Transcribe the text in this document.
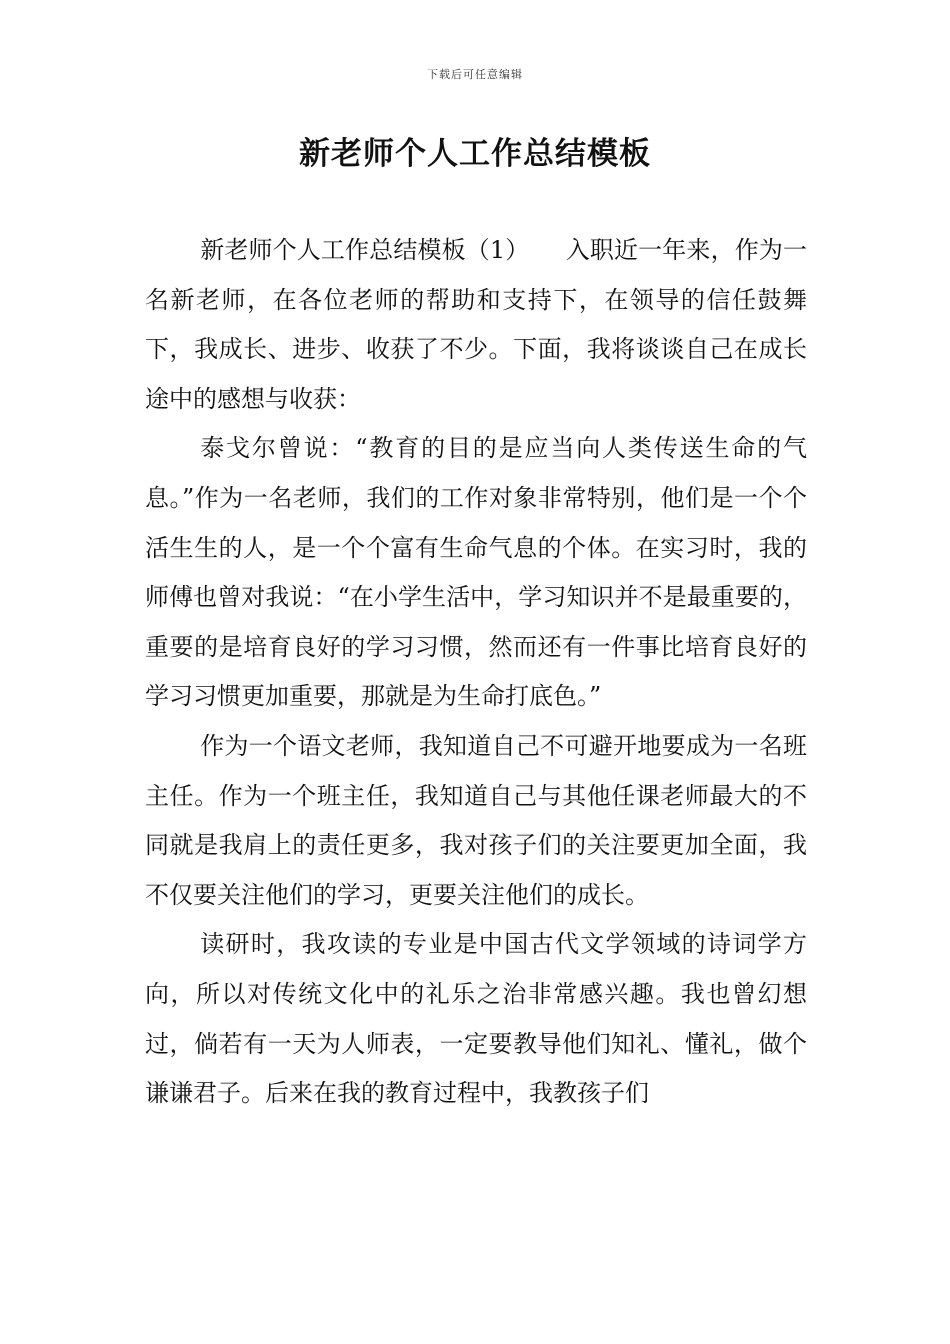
下载后可任意编辑
新老师个人工作总结模板

新老师个人工作总结模板（1）　　入职近一年来，作为一名新老师，在各位老师的帮助和支持下，在领导的信任鼓舞下，我成长、进步、收获了不少。下面，我将谈谈自己在成长途中的感想与收获：

泰戈尔曾说：“教育的目的是应当向人类传送生命的气息。”作为一名老师，我们的工作对象非常特别，他们是一个个活生生的人，是一个个富有生命气息的个体。在实习时，我的师傅也曾对我说：“在小学生活中，学习知识并不是最重要的，重要的是培育良好的学习习惯，然而还有一件事比培育良好的学习习惯更加重要，那就是为生命打底色。”

作为一个语文老师，我知道自己不可避开地要成为一名班主任。作为一个班主任，我知道自己与其他任课老师最大的不同就是我肩上的责任更多，我对孩子们的关注要更加全面，我不仅要关注他们的学习，更要关注他们的成长。

读研时，我攻读的专业是中国古代文学领域的诗词学方向，所以对传统文化中的礼乐之治非常感兴趣。我也曾幻想过，倘若有一天为人师表，一定要教导他们知礼、懂礼，做个谦谦君子。后来在我的教育过程中，我教孩子们
